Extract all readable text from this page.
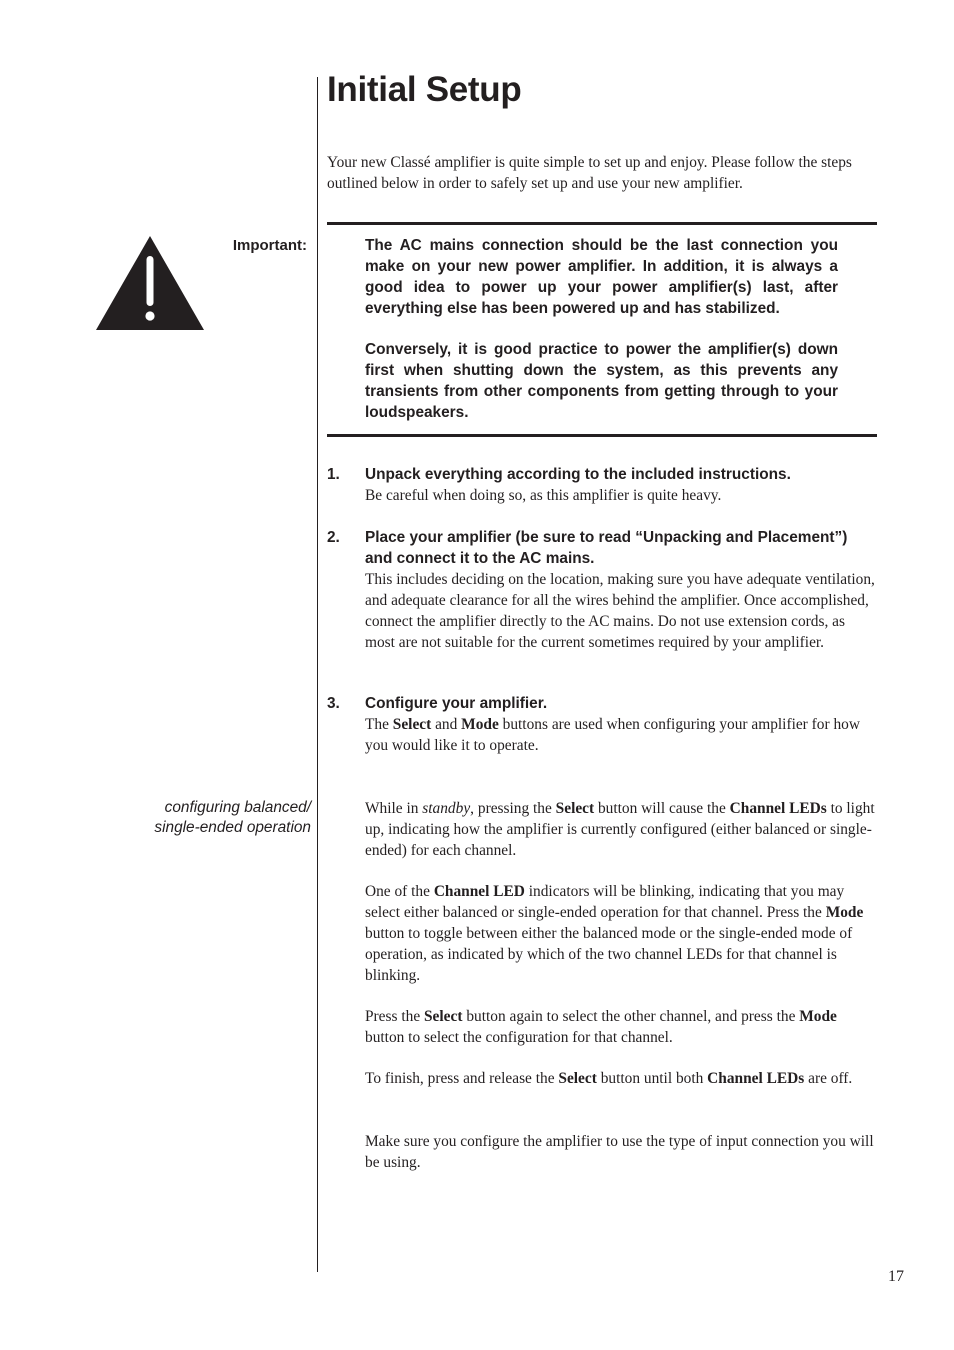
Initial Setup

Your new Classé amplifier is quite simple to set up and enjoy. Please follow the steps outlined below in order to safely set up and use your new amplifier.

Important:	The AC mains connection should be the last connection you make on your new power amplifier. In addition, it is always a good idea to power up your power amplifier(s) last, after everything else has been powered up and has stabilized.

Conversely, it is good practice to power the amplifier(s) down first when shutting down the system, as this prevents any transients from other components from getting through to your loudspeakers.

1. Unpack everything according to the included instructions.
Be careful when doing so, as this amplifier is quite heavy.
2. Place your amplifier (be sure to read “Unpacking and Placement”) and connect it to the AC mains.
This includes deciding on the location, making sure you have adequate ventilation, and adequate clearance for all the wires behind the amplifier. Once accomplished, connect the amplifier directly to the AC mains. Do not use extension cords, as most are not suitable for the current sometimes required by your amplifier.
3. Configure your amplifier.
The Select and Mode buttons are used when configuring your amplifier for how you would like it to operate.
configuring balanced/
single-ended operation

While in standby, pressing the Select button will cause the Channel LEDs to light up, indicating how the amplifier is currently configured (either balanced or single-ended) for each channel.

One of the Channel LED indicators will be blinking, indicating that you may select either balanced or single-ended operation for that channel. Press the Mode button to toggle between either the balanced mode or the single-ended mode of operation, as indicated by which of the two channel LEDs for that channel is blinking.

Press the Select button again to select the other channel, and press the Mode button to select the configuration for that channel.

To finish, press and release the Select button until both Channel LEDs are off.

Make sure you configure the amplifier to use the type of input connection you will be using.

17
